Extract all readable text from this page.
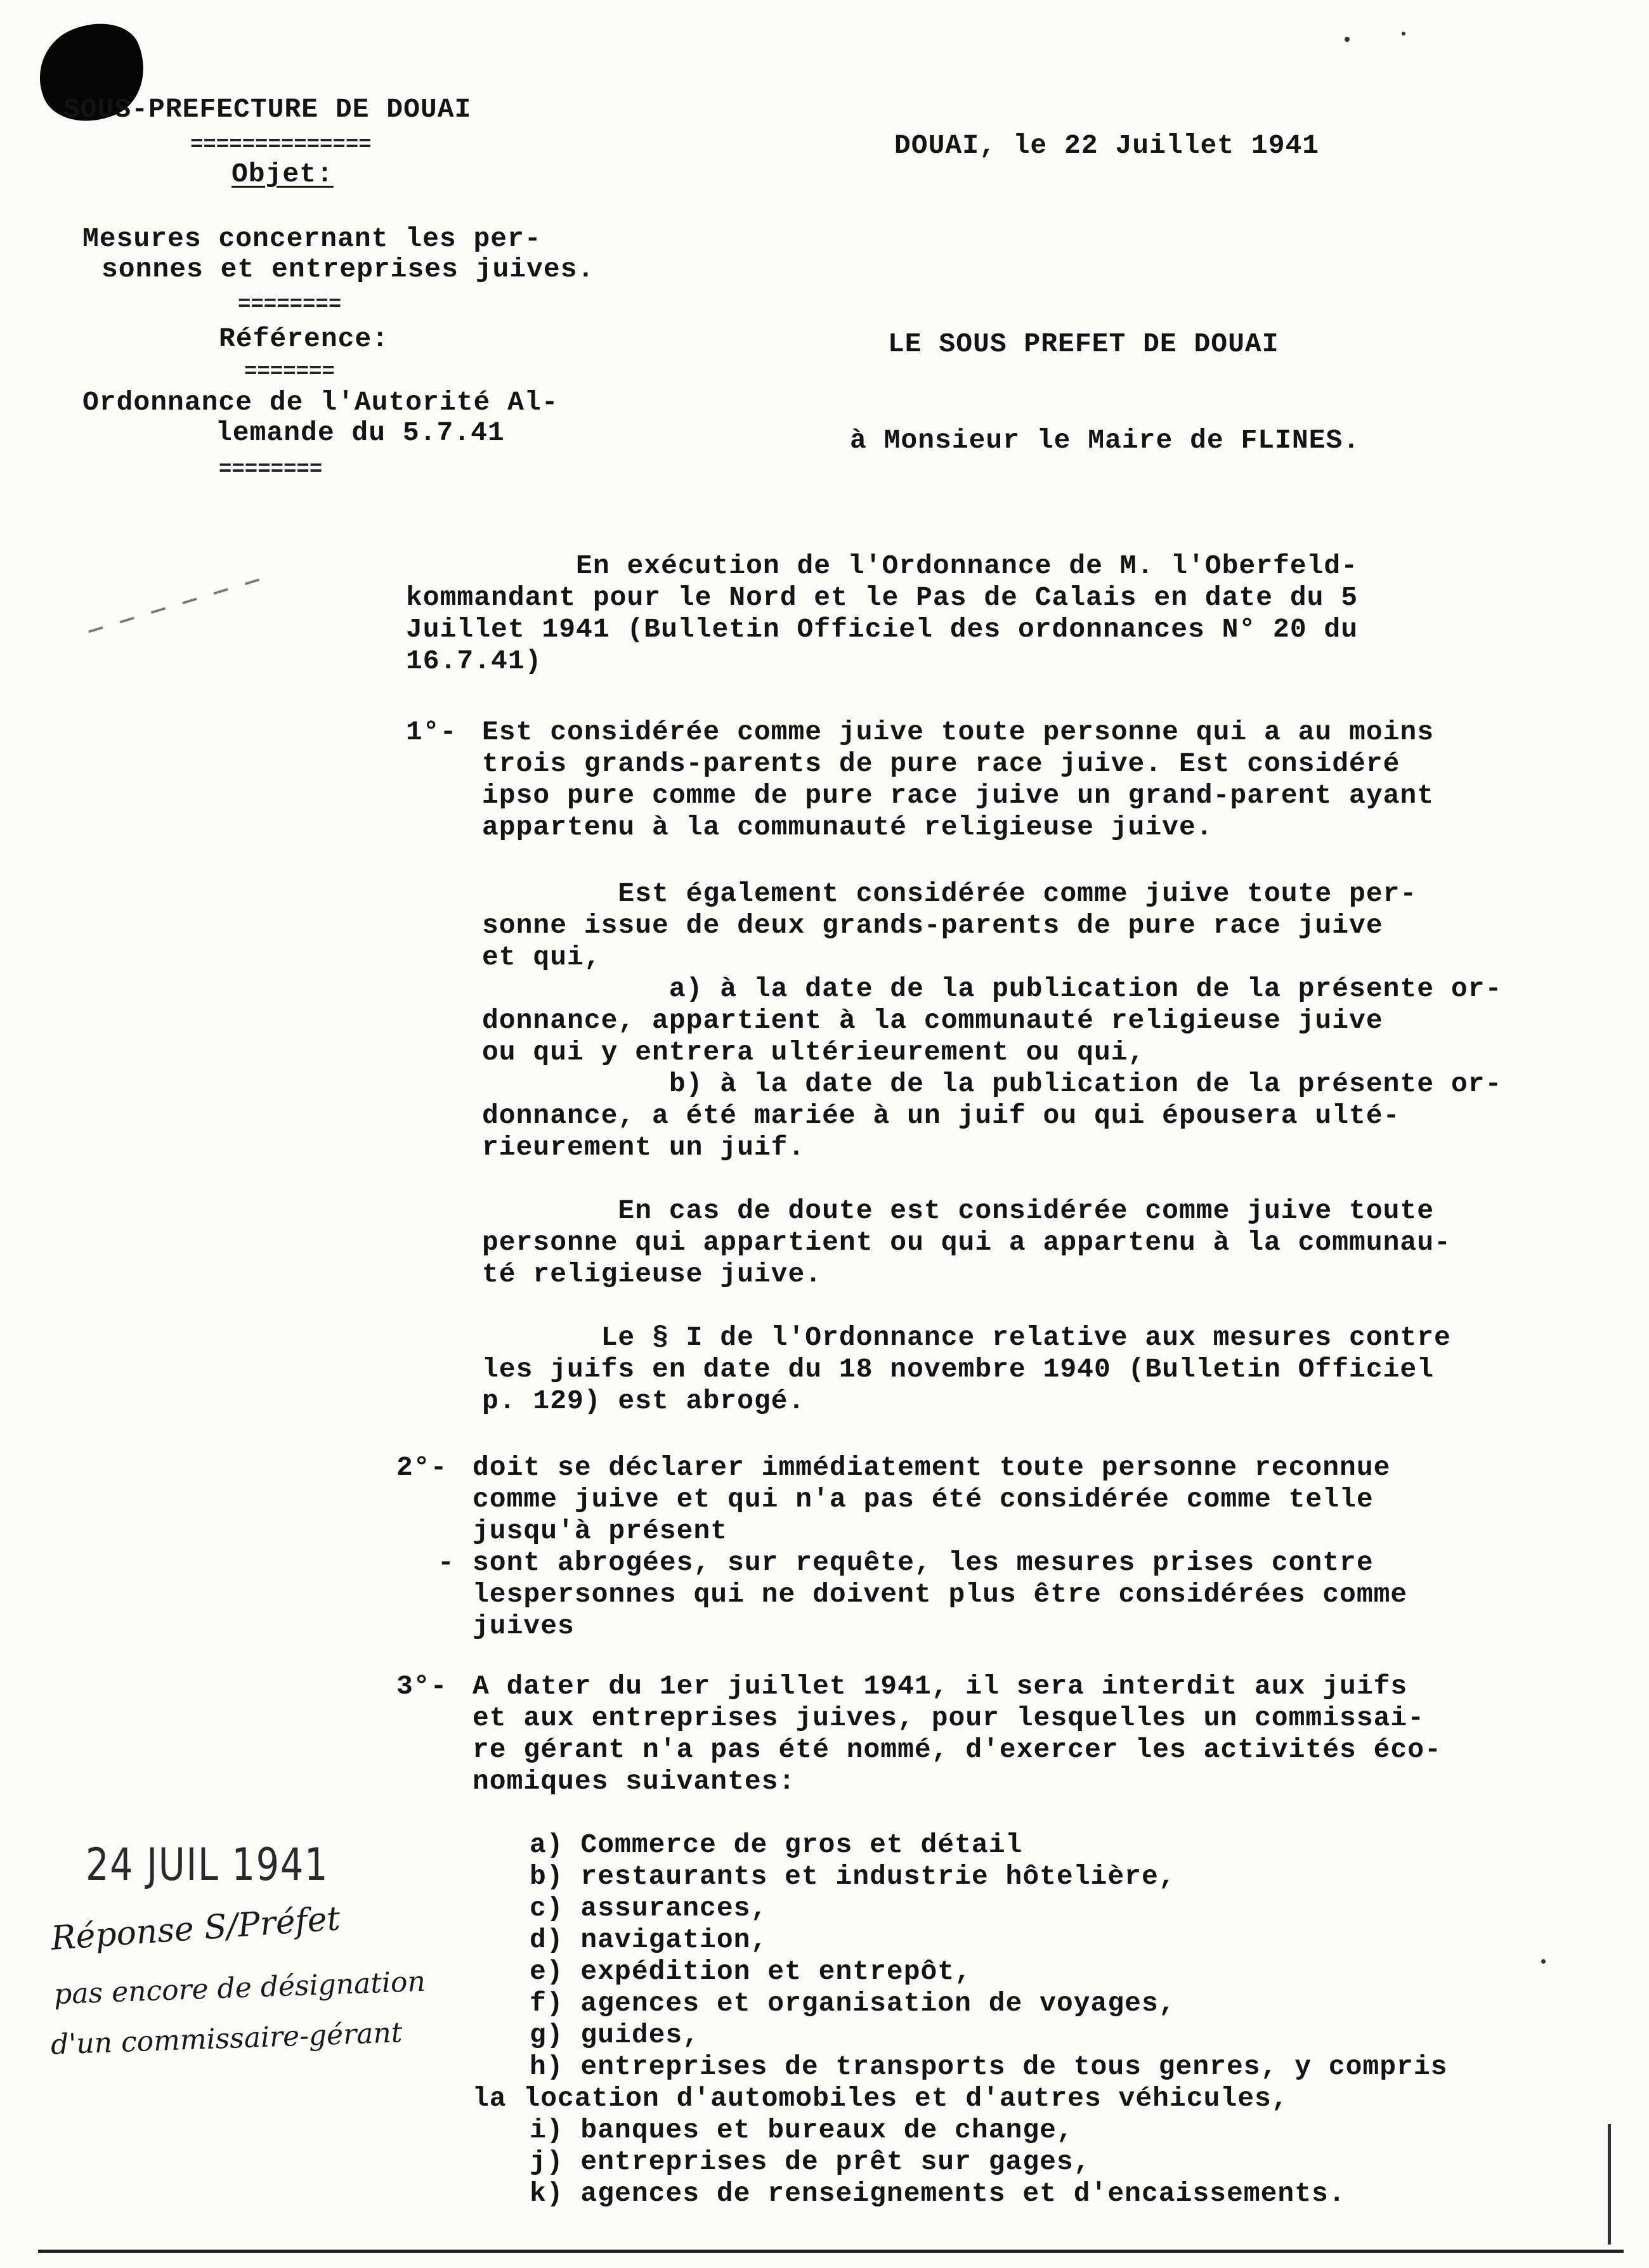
SOUS-PREFECTURE DE DOUAI
==============
Objet:
Mesures concernant les per-
sonnes et entreprises juives.
========
Référence:
=======
Ordonnance de l'Autorité Al-
lemande du 5.7.41
========
DOUAI, le 22 Juillet 1941
LE SOUS PREFET DE DOUAI
à Monsieur le Maire de FLINES.
— — — — — —
En exécution de l'Ordonnance de M. l'Oberfeld-
kommandant pour le Nord et le Pas de Calais en date du 5
Juillet 1941 (Bulletin Officiel des ordonnances N° 20 du
16.7.41)
1°- Est considérée comme juive toute personne qui a au moins
trois grands-parents de pure race juive. Est considéré
ipso pure comme de pure race juive un grand-parent ayant
appartenu à la communauté religieuse juive.
Est également considérée comme juive toute per-
sonne issue de deux grands-parents de pure race juive
et qui,
a) à la date de la publication de la présente or-
donnance, appartient à la communauté religieuse juive
ou qui y entrera ultérieurement ou qui,
b) à la date de la publication de la présente or-
donnance, a été mariée à un juif ou qui épousera ulté-
rieurement un juif.
En cas de doute est considérée comme juive toute
personne qui appartient ou qui a appartenu à la communau-
té religieuse juive.
Le § I de l'Ordonnance relative aux mesures contre
les juifs en date du 18 novembre 1940 (Bulletin Officiel
p. 129) est abrogé.
2°- doit se déclarer immédiatement toute personne reconnue
comme juive et qui n'a pas été considérée comme telle
jusqu'à présent
- sont abrogées, sur requête, les mesures prises contre
lespersonnes qui ne doivent plus être considérées comme
juives
3°- A dater du 1er juillet 1941, il sera interdit aux juifs
et aux entreprises juives, pour lesquelles un commissai-
re gérant n'a pas été nommé, d'exercer les activités éco-
nomiques suivantes:
a) Commerce de gros et détail
b) restaurants et industrie hôtelière,
c) assurances,
d) navigation,
e) expédition et entrepôt,
f) agences et organisation de voyages,
g) guides,
h) entreprises de transports de tous genres, y compris
la location d'automobiles et d'autres véhicules,
i) banques et bureaux de change,
j) entreprises de prêt sur gages,
k) agences de renseignements et d'encaissements.
24 JUIL 1941
Réponse S/Préfet
pas encore de désignation
d'un commissaire-gérant
